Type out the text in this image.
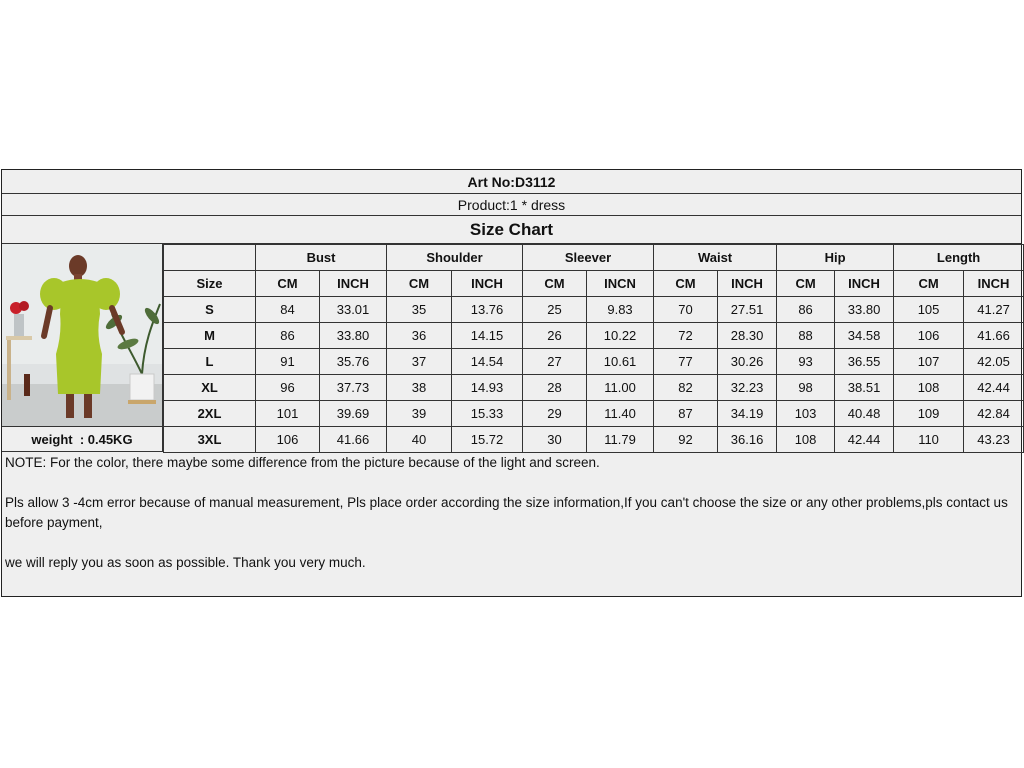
Art No:D3112
Product:1 * dress
Size Chart
weight : 0.45KG
	Bust		Shoulder		Sleever		Waist		Hip		Length	
Size	CM	INCH	CM	INCH	CM	INCN	CM	INCH	CM	INCH	CM	INCH
S	84	33.01	35	13.76	25	9.83	70	27.51	86	33.80	105	41.27
M	86	33.80	36	14.15	26	10.22	72	28.30	88	34.58	106	41.66
L	91	35.76	37	14.54	27	10.61	77	30.26	93	36.55	107	42.05
XL	96	37.73	38	14.93	28	11.00	82	32.23	98	38.51	108	42.44
2XL	101	39.69	39	15.33	29	11.40	87	34.19	103	40.48	109	42.84
3XL	106	41.66	40	15.72	30	11.79	92	36.16	108	42.44	110	43.23

NOTE: For the color, there maybe some difference from the picture because of the light and screen.

Pls allow 3 -4cm error because of manual measurement, Pls place order according the size information,If you can't choose the size or any other problems,pls contact us before payment,

we will reply you as soon as possible. Thank you very much.
